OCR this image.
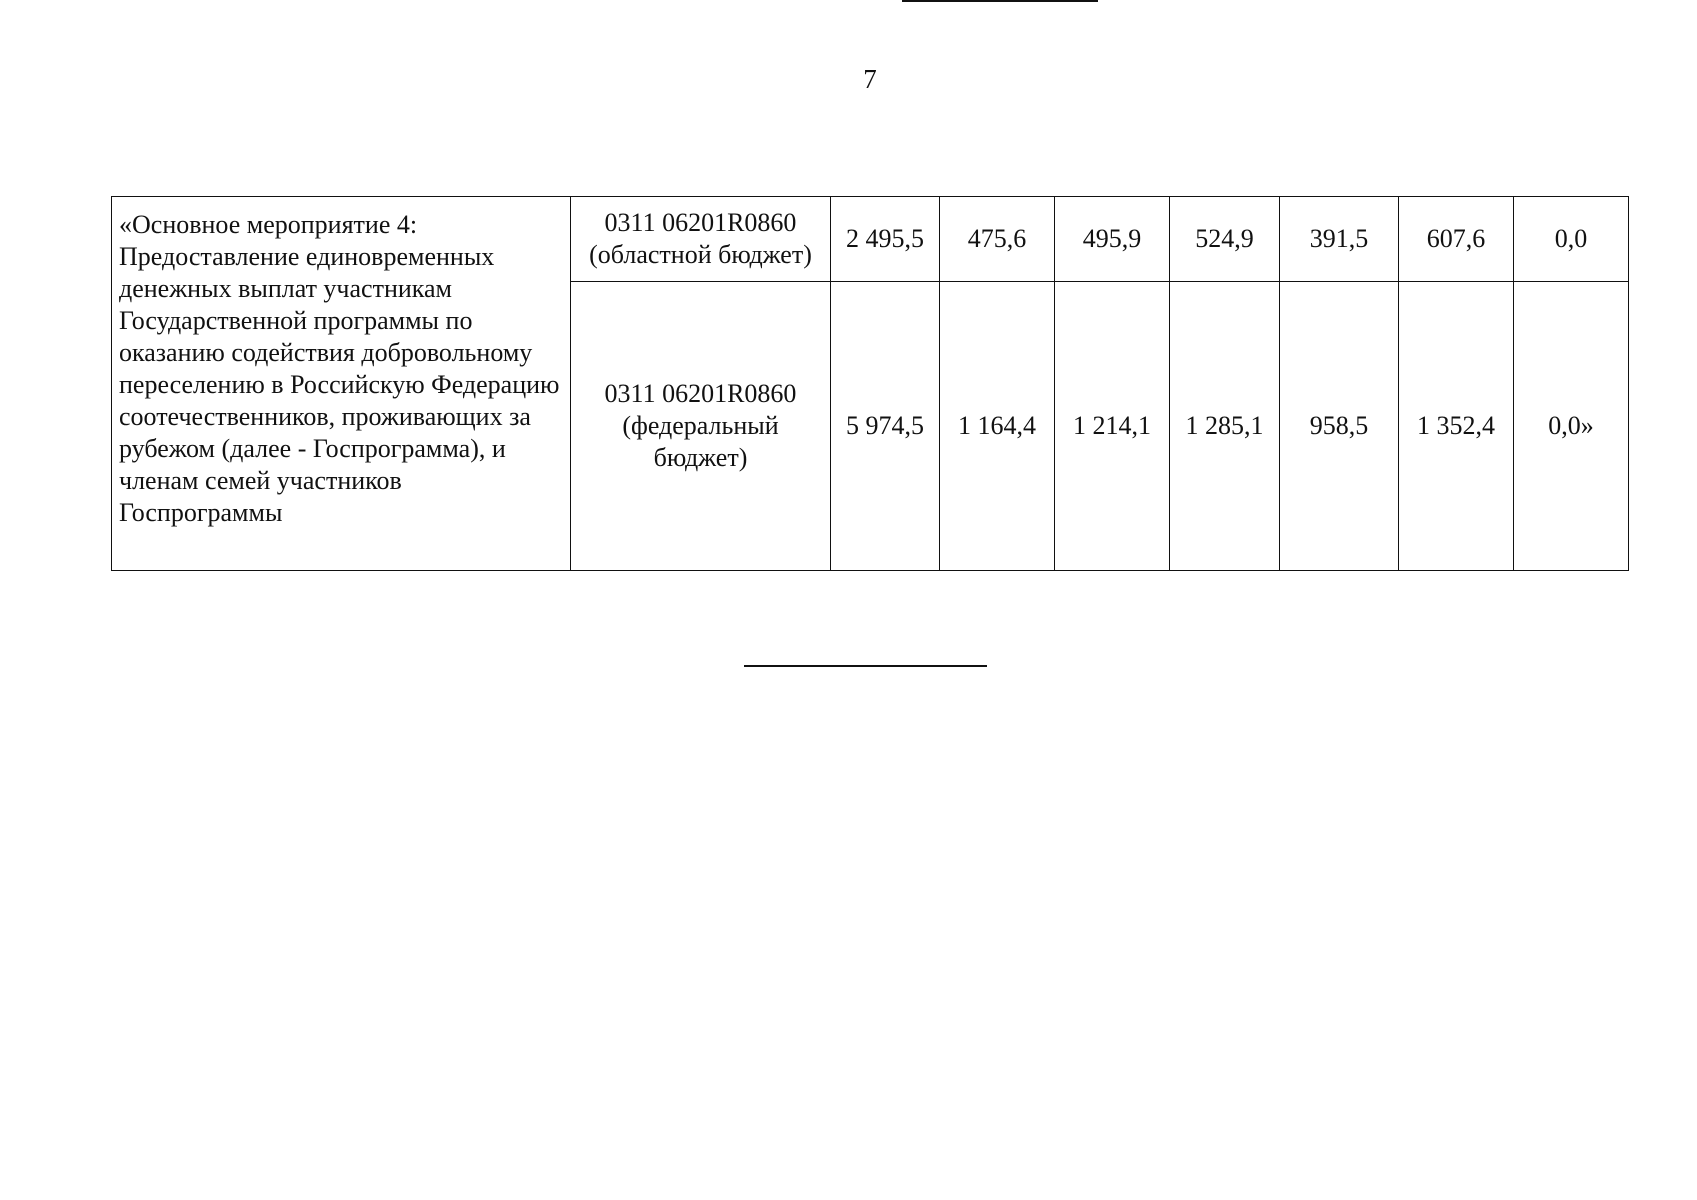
7
«Основное мероприятие 4: Предоставление единовременных денежных выплат участникам Государственной программы по оказанию содействия добровольному переселению в Российскую Федерацию соотечественников, проживающих за рубежом (далее - Госпрограмма), и членам семей участников Госпрограммы	0311 06201R0860 (областной бюджет)	2 495,5	475,6	495,9	524,9	391,5	607,6	0,0
	0311 06201R0860 (федеральный бюджет)	5 974,5	1 164,4	1 214,1	1 285,1	958,5	1 352,4	0,0»
